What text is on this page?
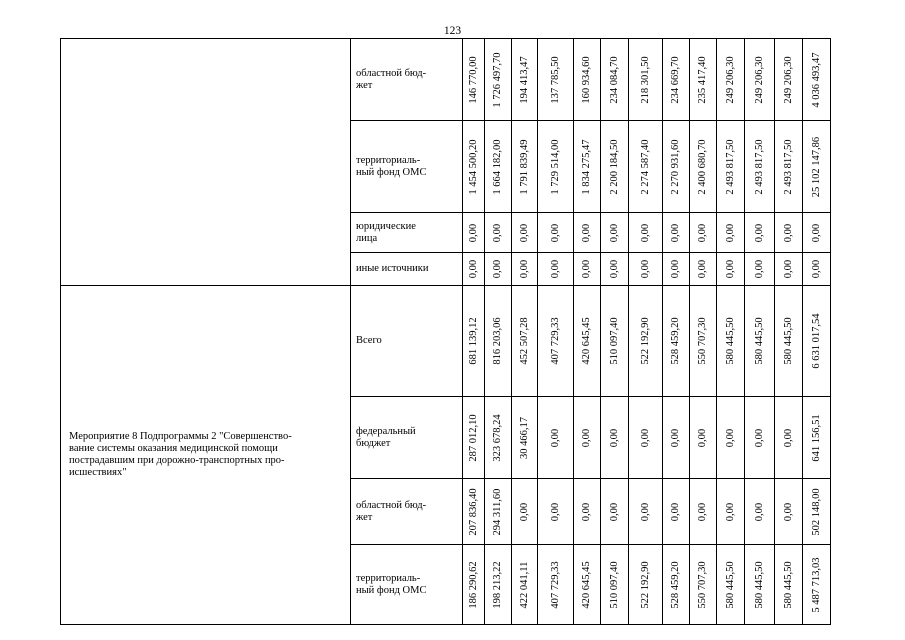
123
	областной бюд-
жет	146 770,00	1 726 497,70	194 413,47	137 785,50	160 934,60	234 084,70	218 301,50	234 669,70	235 417,40	249 206,30	249 206,30	249 206,30	4 036 493,47

	территориаль-
ный фонд ОМС	1 454 500,20	1 664 182,00	1 791 839,49	1 729 514,00	1 834 275,47	2 200 184,50	2 274 587,40	2 270 931,60	2 400 680,70	2 493 817,50	2 493 817,50	2 493 817,50	25 102 147,86

	юридические
лица	0,00	0,00	0,00	0,00	0,00	0,00	0,00	0,00	0,00	0,00	0,00	0,00	0,00

	иные источники	0,00	0,00	0,00	0,00	0,00	0,00	0,00	0,00	0,00	0,00	0,00	0,00	0,00

Мероприятие 8 Подпрограммы 2 "Совершенство-
вание системы оказания медицинской помощи
пострадавшим при дорожно-транспортных про-
исшествиях"	Всего	681 139,12	816 203,06	452 507,28	407 729,33	420 645,45	510 097,40	522 192,90	528 459,20	550 707,30	580 445,50	580 445,50	580 445,50	6 631 017,54

	федеральный
бюджет	287 012,10	323 678,24	30 466,17	0,00	0,00	0,00	0,00	0,00	0,00	0,00	0,00	0,00	641 156,51

	областной бюд-
жет	207 836,40	294 311,60	0,00	0,00	0,00	0,00	0,00	0,00	0,00	0,00	0,00	0,00	502 148,00

	территориаль-
ный фонд ОМС	186 290,62	198 213,22	422 041,11	407 729,33	420 645,45	510 097,40	522 192,90	528 459,20	550 707,30	580 445,50	580 445,50	580 445,50	5 487 713,03
